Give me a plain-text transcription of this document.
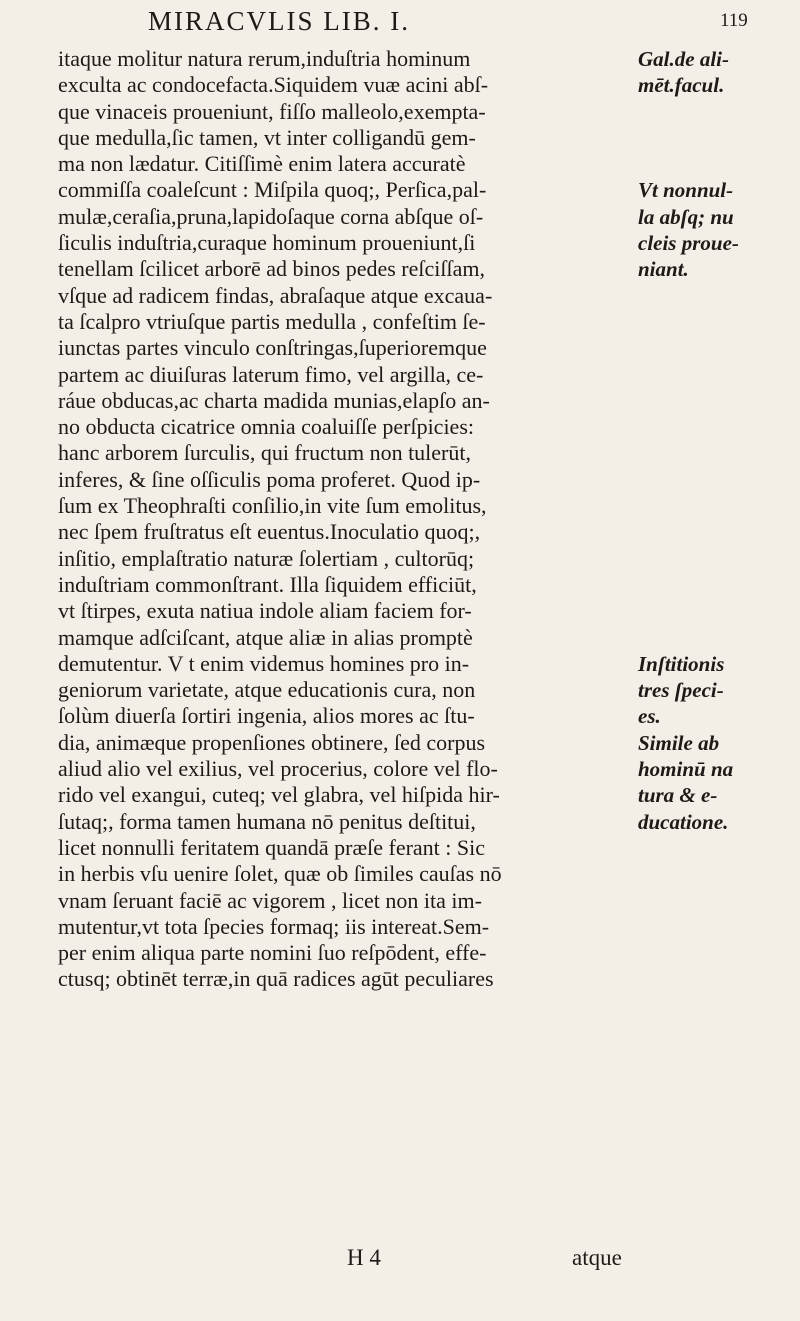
MIRACVLIS LIB. I.	119
itaque molitur natura rerum,induſtria hominum	Gal.de ali-
exculta ac condocefacta.Siquidem vuæ acini abſ-	mēt.facul.
que vinaceis proueniunt, fiſſo malleolo,exempta-
que medulla,ſic tamen, vt inter colligandū gem-
ma non lædatur. Citiſſimè enim latera accuratè
commiſſa coaleſcunt : Miſpila quoq;, Perſica,pal-	Vt nonnul-
mulæ,ceraſia,pruna,lapidoſaque corna abſque oſ-	la abſq; nu
ſiculis induſtria,curaque hominum proueniunt,ſi	cleis proue-
tenellam ſcilicet arborē ad binos pedes reſciſſam,	niant.
vſque ad radicem findas, abraſaque atque excaua-
ta ſcalpro vtriuſque partis medulla , confeſtim ſe-
iunctas partes vinculo conſtringas,ſuperioremque
partem ac diuiſuras laterum fimo, vel argilla, ce-
ráue obducas,ac charta madida munias,elapſo an-
no obducta cicatrice omnia coaluiſſe perſpicies:
hanc arborem ſurculis, qui fructum non tulerūt,
inferes, & ſine oſſiculis poma proferet. Quod ip-
ſum ex Theophraſti conſilio,in vite ſum emolitus,
nec ſpem fruſtratus eſt euentus.Inoculatio quoq;,
inſitio, emplaſtratio naturæ ſolertiam , cultorūq;
induſtriam commonſtrant. Illa ſiquidem efficiūt,
vt ſtirpes, exuta natiua indole aliam faciem for-
mamque adſciſcant, atque aliæ in alias promptè
demutentur. V t enim videmus homines pro in-	Inſtitionis
geniorum varietate, atque educationis cura, non	tres ſpeci-
ſolùm diuerſa ſortiri ingenia, alios mores ac ſtu-	es.
dia, animæque propenſiones obtinere, ſed corpus	Simile ab
aliud alio vel exilius, vel procerius, colore vel flo-	hominū na
rido vel exangui, cuteq; vel glabra, vel hiſpida hir-	tura & e-
ſutaq;, forma tamen humana nō penitus deſtitui,	ducatione.
licet nonnulli feritatem quandā præſe ferant : Sic
in herbis vſu uenire ſolet, quæ ob ſimiles cauſas nō
vnam ſeruant faciē ac vigorem , licet non ita im-
mutentur,vt tota ſpecies formaq; iis intereat.Sem-
per enim aliqua parte nomini ſuo reſpōdent, effe-
ctusq; obtinēt terræ,in quā radices agūt peculiares
H 4	atque
